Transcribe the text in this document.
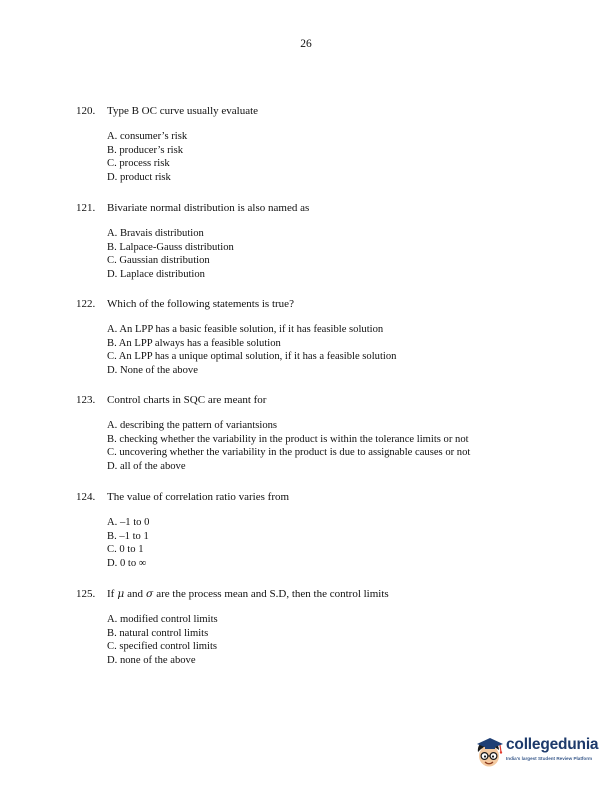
26
120. Type B OC curve usually evaluate
A. consumer’s risk
B. producer’s risk
C. process risk
D. product risk
121. Bivariate normal distribution is also named as
A. Bravais distribution
B. Lalpace-Gauss distribution
C. Gaussian distribution
D. Laplace distribution
122. Which of the following statements is true?
A. An LPP has a basic feasible solution, if it has feasible solution
B. An LPP always has a feasible solution
C. An LPP has a unique optimal solution, if it has a feasible solution
D. None of the above
123. Control charts in SQC are meant for
A. describing the pattern of variantsions
B. checking whether the variability in the product is within the tolerance limits or not
C. uncovering whether the variability in the product is due to assignable causes or not
D. all of the above
124. The value of correlation ratio varies from
A. –1 to 0
B. –1 to 1
C. 0 to 1
D. 0 to ∞
125. If μ and σ are the process mean and S.D, then the control limits
A. modified control limits
B. natural control limits
C. specified control limits
D. none of the above
collegedunia
India's largest Student Review Platform
